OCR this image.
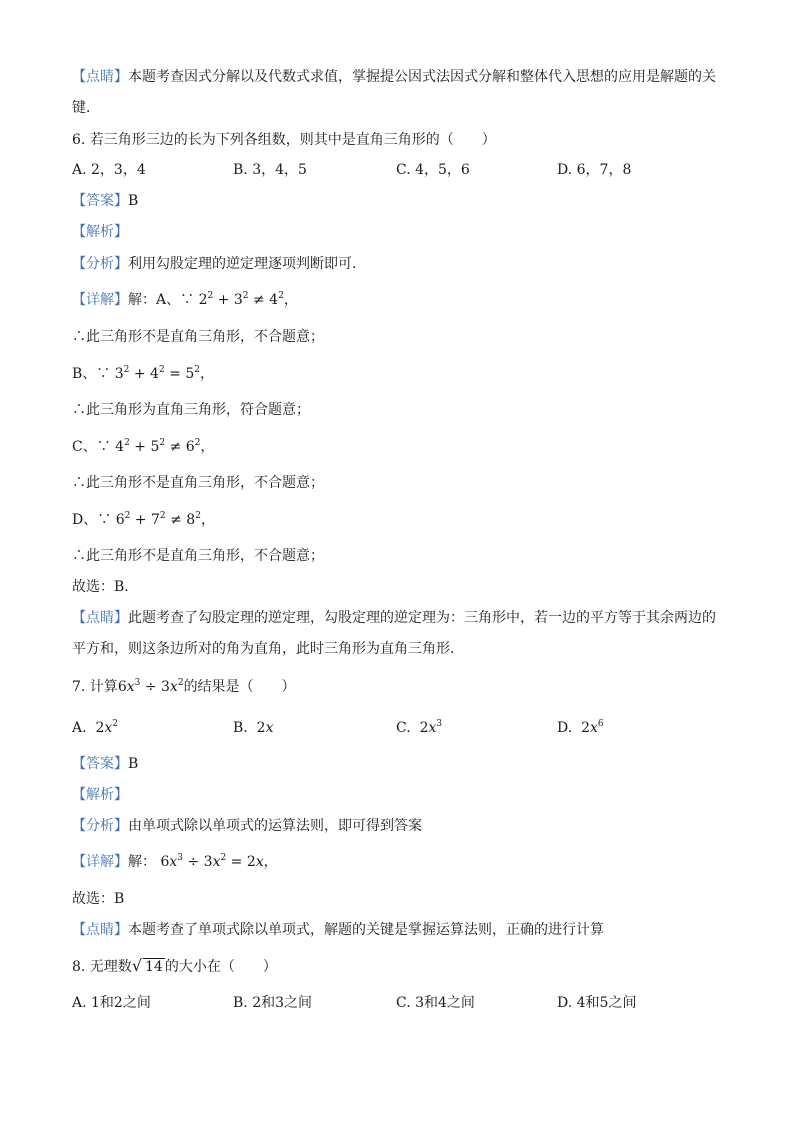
【点睛】本题考查因式分解以及代数式求值，掌握提公因式法因式分解和整体代入思想的应用是解题的关
键．
6. 若三角形三边的长为下列各组数，则其中是直角三角形的（　　）
A. 2，3，4	B. 3，4，5	C. 4，5，6	D. 6，7，8
【答案】B
【解析】
【分析】利用勾股定理的逆定理逐项判断即可．
【详解】解：A、∵ $2^2 + 3^2 \ne 4^2$，
∴此三角形不是直角三角形，不合题意；
B、∵ $3^2 + 4^2 = 5^2$，
∴此三角形为直角三角形，符合题意；
C、∵ $4^2 + 5^2 \ne 6^2$，
∴此三角形不是直角三角形，不合题意；
D、∵ $6^2 + 7^2 \ne 8^2$，
∴此三角形不是直角三角形，不合题意；
故选：B．
【点睛】此题考查了勾股定理的逆定理，勾股定理的逆定理为：三角形中，若一边的平方等于其余两边的
平方和，则这条边所对的角为直角，此时三角形为直角三角形．
7. 计算$6x^3 \div 3x^2$的结果是（　　）
A. $2x^2$	B. 2x	C. $2x^3$	D. $2x^6$
【答案】B
【解析】
【分析】由单项式除以单项式的运算法则，即可得到答案
【详解】解： $6x^3 \div 3x^2 = 2x$，
故选：B
【点睛】本题考查了单项式除以单项式，解题的关键是掌握运算法则，正确的进行计算
8. 无理数√ 14 的大小在（　　）
A. 1和2之间	B. 2和3之间	C. 3和4之间	D. 4和5之间
